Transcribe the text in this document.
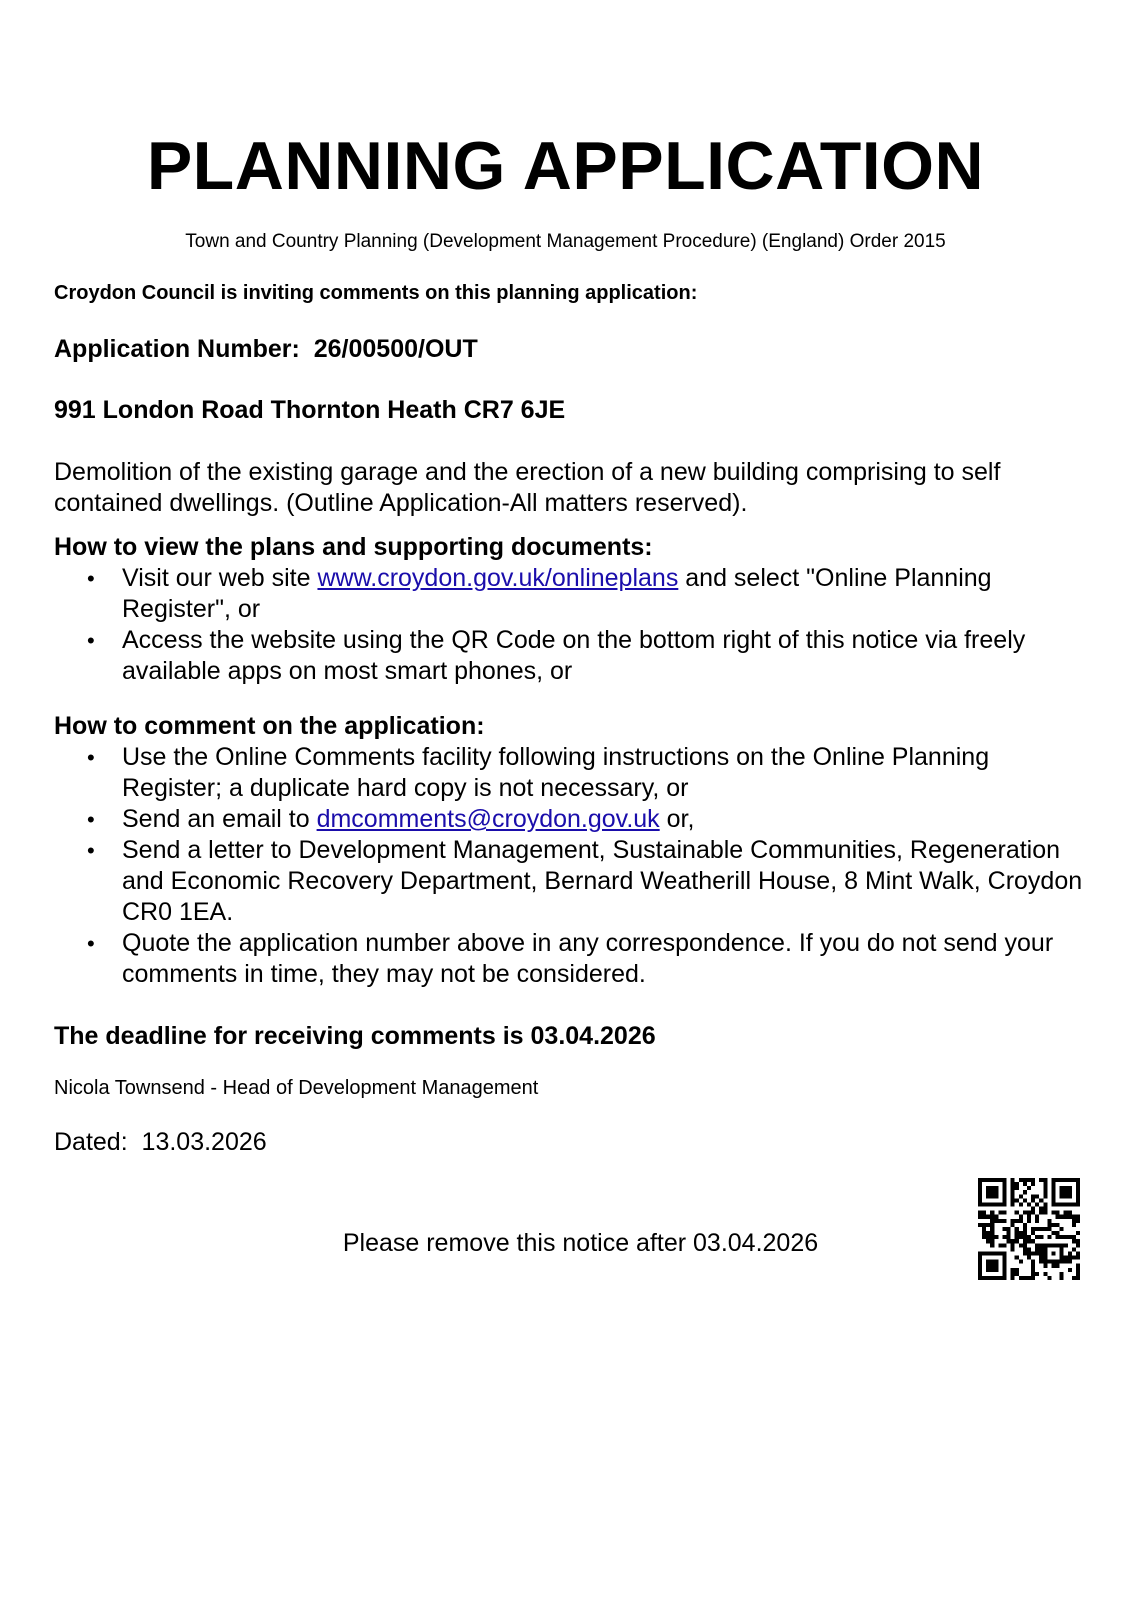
PLANNING APPLICATION
Town and Country Planning (Development Management Procedure) (England) Order 2015
Croydon Council is inviting comments on this planning application:
Application Number:  26/00500/OUT
991 London Road Thornton Heath CR7 6JE
Demolition of the existing garage and the erection of a new building comprising to self contained dwellings. (Outline Application-All matters reserved).
How to view the plans and supporting documents:
• Visit our web site www.croydon.gov.uk/onlineplans and select "Online Planning Register", or
• Access the website using the QR Code on the bottom right of this notice via freely available apps on most smart phones, or
How to comment on the application:
• Use the Online Comments facility following instructions on the Online Planning Register; a duplicate hard copy is not necessary, or
• Send an email to dmcomments@croydon.gov.uk or,
• Send a letter to Development Management, Sustainable Communities, Regeneration and Economic Recovery Department, Bernard Weatherill House, 8 Mint Walk, Croydon CR0 1EA.
• Quote the application number above in any correspondence. If you do not send your comments in time, they may not be considered.
The deadline for receiving comments is 03.04.2026
Nicola Townsend - Head of Development Management
Dated:  13.03.2026
Please remove this notice after 03.04.2026
